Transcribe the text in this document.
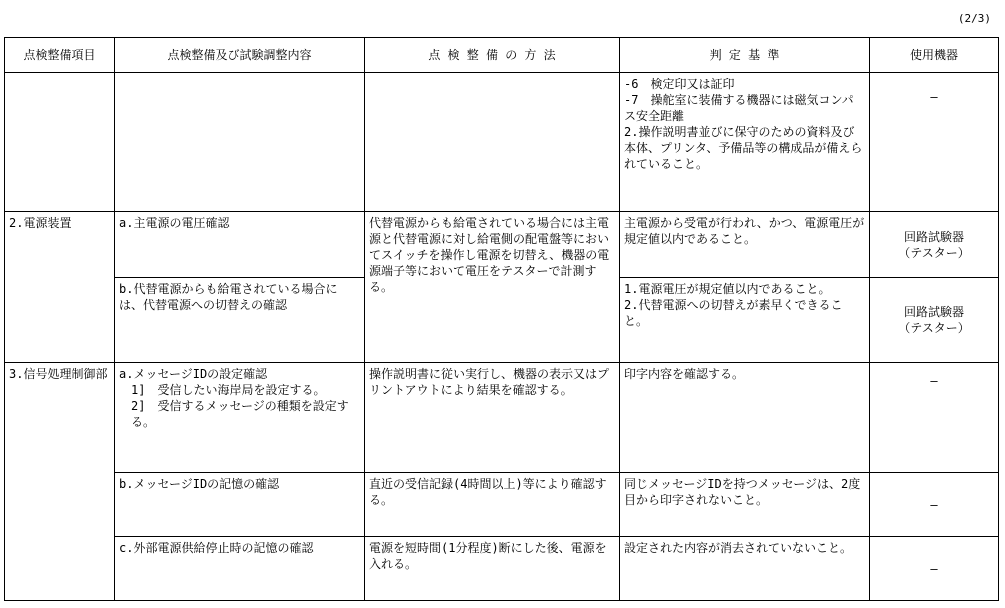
(2/3)
点検整備項目	点検整備及び試験調整内容	点 検 整 備 の 方 法	判 定 基 準	使用機器

			-6　検定印又は証印
-7　操舵室に装備する機器には磁気コンパス安全距離
2.操作説明書並びに保守のための資料及び本体、プリンタ、予備品等の構成品が備えられていること。	—
2.電源装置	a.主電源の電圧確認	代替電源からも給電されている場合には主電源と代替電源に対し給電側の配電盤等においてスイッチを操作し電源を切替え、機器の電源端子等において電圧をテスターで計測する。	主電源から受電が行われ、かつ、電源電圧が規定値以内であること。	回路試験器
（テスター）

	b.代替電源からも給電されている場合には、代替電源への切替えの確認		1.電源電圧が規定値以内であること。
2.代替電源への切替えが素早くできること。	回路試験器
（テスター）

3.信号処理制御部	a.メッセージIDの設定確認
1]　受信したい海岸局を設定する。
2]　受信するメッセージの種類を設定する。	操作説明書に従い実行し、機器の表示又はプリントアウトにより結果を確認する。	印字内容を確認する。	—
	b.メッセージIDの記憶の確認	直近の受信記録(4時間以上)等により確認する。	同じメッセージIDを持つメッセージは、2度目から印字されないこと。	—
	c.外部電源供給停止時の記憶の確認	電源を短時間(1分程度)断にした後、電源を入れる。	設定された内容が消去されていないこと。	—
